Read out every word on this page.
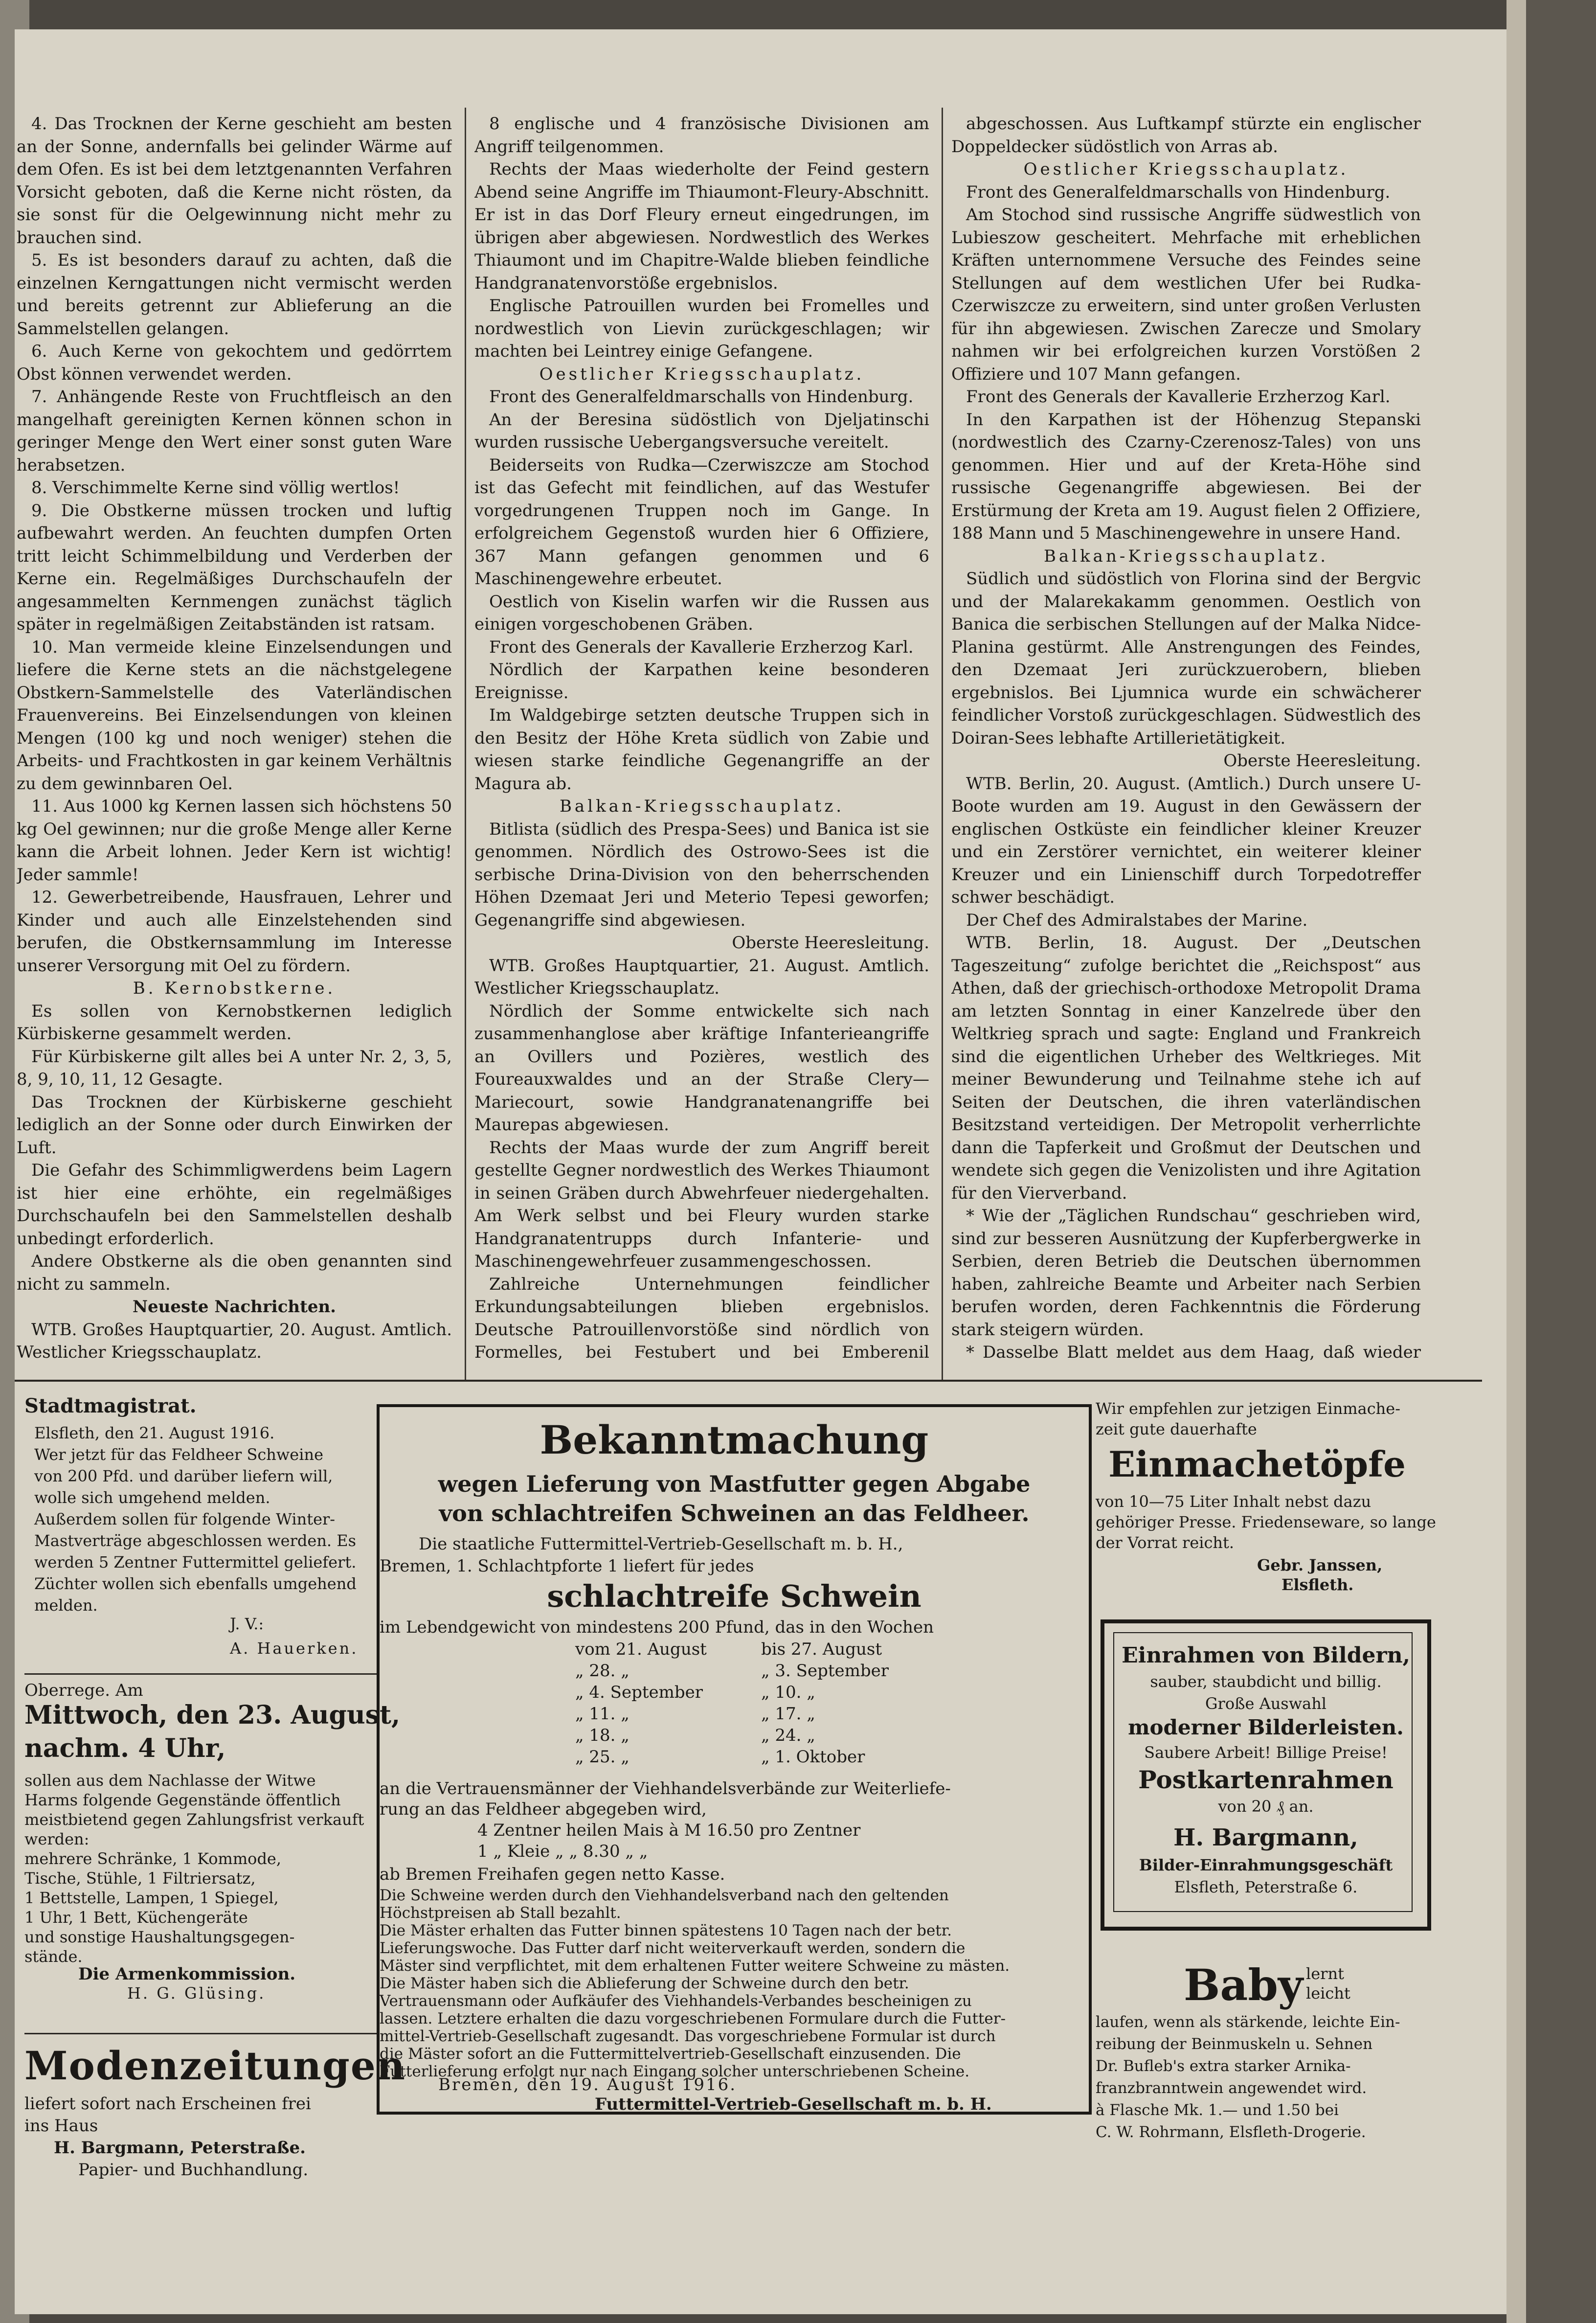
4. Das Trocknen der Kerne geschieht am besten an der Sonne, andernfalls bei gelinder Wärme auf dem Ofen. Es ist bei dem letztgenannten Verfahren Vorsicht geboten, daß die Kerne nicht rösten, da sie sonst für die Oelgewinnung nicht mehr zu brauchen sind.

5. Es ist besonders darauf zu achten, daß die einzelnen Kerngattungen nicht vermischt werden und bereits getrennt zur Ablieferung an die Sammelstellen gelangen.

6. Auch Kerne von gekochtem und gedörrtem Obst können verwendet werden.

7. Anhängende Reste von Fruchtfleisch an den mangelhaft gereinigten Kernen können schon in geringer Menge den Wert einer sonst guten Ware herabsetzen.

8. Verschimmelte Kerne sind völlig wertlos!

9. Die Obstkerne müssen trocken und luftig aufbewahrt werden. An feuchten dumpfen Orten tritt leicht Schimmelbildung und Verderben der Kerne ein. Regelmäßiges Durchschaufeln der angesammelten Kernmengen zunächst täglich später in regelmäßigen Zeitabständen ist ratsam.

10. Man vermeide kleine Einzelsendungen und liefere die Kerne stets an die nächstgelegene Obstkern-Sammelstelle des Vaterländischen Frauenvereins. Bei Einzelsendungen von kleinen Mengen (100 kg und noch weniger) stehen die Arbeits- und Frachtkosten in gar keinem Verhältnis zu dem gewinnbaren Oel.

11. Aus 1000 kg Kernen lassen sich höchstens 50 kg Oel gewinnen; nur die große Menge aller Kerne kann die Arbeit lohnen. Jeder Kern ist wichtig! Jeder sammle!

12. Gewerbetreibende, Hausfrauen, Lehrer und Kinder und auch alle Einzelstehenden sind berufen, die Obstkernsammlung im Interesse unserer Versorgung mit Oel zu fördern.

B. Kernobstkerne.

Es sollen von Kernobstkernen lediglich Kürbiskerne gesammelt werden.

Für Kürbiskerne gilt alles bei A unter Nr. 2, 3, 5, 8, 9, 10, 11, 12 Gesagte.

Das Trocknen der Kürbiskerne geschieht lediglich an der Sonne oder durch Einwirken der Luft.

Die Gefahr des Schimmligwerdens beim Lagern ist hier eine erhöhte, ein regelmäßiges Durchschaufeln bei den Sammelstellen deshalb unbedingt erforderlich.

Andere Obstkerne als die oben genannten sind nicht zu sammeln.

Neueste Nachrichten.

WTB. Großes Hauptquartier, 20. August. Amtlich. Westlicher Kriegsschauplatz.

8 englische und 4 französische Divisionen am Angriff teilgenommen.

Rechts der Maas wiederholte der Feind gestern Abend seine Angriffe im Thiaumont-Fleury-Abschnitt. Er ist in das Dorf Fleury erneut eingedrungen, im übrigen aber abgewiesen. Nordwestlich des Werkes Thiaumont und im Chapitre-Walde blieben feindliche Handgranatenvorstöße ergebnislos.

Englische Patrouillen wurden bei Fromelles und nordwestlich von Lievin zurückgeschlagen; wir machten bei Leintrey einige Gefangene.

Oestlicher Kriegsschauplatz.

Front des Generalfeldmarschalls von Hindenburg.

An der Beresina südöstlich von Djeljatinschi wurden russische Uebergangsversuche vereitelt.

Beiderseits von Rudka—Czerwiszcze am Stochod ist das Gefecht mit feindlichen, auf das Westufer vorgedrungenen Truppen noch im Gange. In erfolgreichem Gegenstoß wurden hier 6 Offiziere, 367 Mann gefangen genommen und 6 Maschinengewehre erbeutet.

Oestlich von Kiselin warfen wir die Russen aus einigen vorgeschobenen Gräben.

Front des Generals der Kavallerie Erzherzog Karl.

Nördlich der Karpathen keine besonderen Ereignisse.

Im Waldgebirge setzten deutsche Truppen sich in den Besitz der Höhe Kreta südlich von Zabie und wiesen starke feindliche Gegenangriffe an der Magura ab.

Balkan-Kriegsschauplatz.

Bitlista (südlich des Prespa-Sees) und Banica ist sie genommen. Nördlich des Ostrowo-Sees ist die serbische Drina-Division von den beherrschenden Höhen Dzemaat Jeri und Meterio Tepesi geworfen; Gegenangriffe sind abgewiesen.

Oberste Heeresleitung.

WTB. Großes Hauptquartier, 21. August. Amtlich. Westlicher Kriegsschauplatz.

Nördlich der Somme entwickelte sich nach zusammenhanglose aber kräftige Infanterieangriffe an Ovillers und Pozières, westlich des Foureauxwaldes und an der Straße Clery—Mariecourt, sowie Handgranatenangriffe bei Maurepas abgewiesen.

Rechts der Maas wurde der zum Angriff bereit gestellte Gegner nordwestlich des Werkes Thiaumont in seinen Gräben durch Abwehrfeuer niedergehalten. Am Werk selbst und bei Fleury wurden starke Handgranatentrupps durch Infanterie- und Maschinengewehrfeuer zusammengeschossen.

Zahlreiche Unternehmungen feindlicher Erkundungsabteilungen blieben ergebnislos. Deutsche Patrouillenvorstöße sind nördlich von Formelles, bei Festubert und bei Emberenil

abgeschossen. Aus Luftkampf stürzte ein englischer Doppeldecker südöstlich von Arras ab.

Oestlicher Kriegsschauplatz.

Front des Generalfeldmarschalls von Hindenburg.

Am Stochod sind russische Angriffe südwestlich von Lubieszow gescheitert. Mehrfache mit erheblichen Kräften unternommene Versuche des Feindes seine Stellungen auf dem westlichen Ufer bei Rudka-Czerwiszcze zu erweitern, sind unter großen Verlusten für ihn abgewiesen. Zwischen Zarecze und Smolary nahmen wir bei erfolgreichen kurzen Vorstößen 2 Offiziere und 107 Mann gefangen.

Front des Generals der Kavallerie Erzherzog Karl.

In den Karpathen ist der Höhenzug Stepanski (nordwestlich des Czarny-Czerenosz-Tales) von uns genommen. Hier und auf der Kreta-Höhe sind russische Gegenangriffe abgewiesen. Bei der Erstürmung der Kreta am 19. August fielen 2 Offiziere, 188 Mann und 5 Maschinengewehre in unsere Hand.

Balkan-Kriegsschauplatz.

Südlich und südöstlich von Florina sind der Bergvic und der Malarekakamm genommen. Oestlich von Banica die serbischen Stellungen auf der Malka Nidce-Planina gestürmt. Alle Anstrengungen des Feindes, den Dzemaat Jeri zurückzuerobern, blieben ergebnislos. Bei Ljumnica wurde ein schwächerer feindlicher Vorstoß zurückgeschlagen. Südwestlich des Doiran-Sees lebhafte Artillerietätigkeit.

Oberste Heeresleitung.

WTB. Berlin, 20. August. (Amtlich.) Durch unsere U-Boote wurden am 19. August in den Gewässern der englischen Ostküste ein feindlicher kleiner Kreuzer und ein Zerstörer vernichtet, ein weiterer kleiner Kreuzer und ein Linienschiff durch Torpedotreffer schwer beschädigt.

Der Chef des Admiralstabes der Marine.

WTB. Berlin, 18. August. Der „Deutschen Tageszeitung“ zufolge berichtet die „Reichspost“ aus Athen, daß der griechisch-orthodoxe Metropolit Drama am letzten Sonntag in einer Kanzelrede über den Weltkrieg sprach und sagte: England und Frankreich sind die eigentlichen Urheber des Weltkrieges. Mit meiner Bewunderung und Teilnahme stehe ich auf Seiten der Deutschen, die ihren vaterländischen Besitzstand verteidigen. Der Metropolit verherrlichte dann die Tapferkeit und Großmut der Deutschen und wendete sich gegen die Venizolisten und ihre Agitation für den Vierverband.

* Wie der „Täglichen Rundschau“ geschrieben wird, sind zur besseren Ausnützung der Kupferbergwerke in Serbien, deren Betrieb die Deutschen übernommen haben, zahlreiche Beamte und Arbeiter nach Serbien berufen worden, deren Fachkenntnis die Förderung stark steigern würden.

* Dasselbe Blatt meldet aus dem Haag, daß wieder

Stadtmagistrat.
Elsfleth, den 21. August 1916.
Wer jetzt für das Feldheer Schweine
von 200 Pfd. und darüber liefern will,
wolle sich umgehend melden.
Außerdem sollen für folgende Winter-
Mastverträge abgeschlossen werden. Es
werden 5 Zentner Futtermittel geliefert.
Züchter wollen sich ebenfalls umgehend
melden.
J. V.:
A. Hauerken.
Oberrege. Am
Mittwoch, den 23. August,
nachm. 4 Uhr,
sollen aus dem Nachlasse der Witwe
Harms folgende Gegenstände öffentlich
meistbietend gegen Zahlungsfrist verkauft
werden:
mehrere Schränke, 1 Kommode,
Tische, Stühle, 1 Filtriersatz,
1 Bettstelle, Lampen, 1 Spiegel,
1 Uhr, 1 Bett, Küchengeräte
und sonstige Haushaltungsgegen-
stände.
Die Armenkommission.
H. G. Glüsing.
Modenzeitungen
liefert sofort nach Erscheinen frei
ins Haus
H. Bargmann, Peterstraße.
Papier- und Buchhandlung.
Bekanntmachung
wegen Lieferung von Mastfutter gegen Abgabe
von schlachtreifen Schweinen an das Feldheer.
Die staatliche Futtermittel-Vertrieb-Gesellschaft m. b. H.,
Bremen, 1. Schlachtpforte 1 liefert für jedes
schlachtreife Schwein
im Lebendgewicht von mindestens 200 Pfund, das in den Wochen
vom 21. August	bis 27. August
„ 28. „	„ 3. September
„ 4. September	„ 10. „
„ 11. „	„ 17. „
„ 18. „	„ 24. „
„ 25. „	„ 1. Oktober
an die Vertrauensmänner der Viehhandelsverbände zur Weiterliefe-
rung an das Feldheer abgegeben wird,
4 Zentner heilen Mais à M 16.50 pro Zentner
1 „ Kleie „ „ 8.30 „ „
ab Bremen Freihafen gegen netto Kasse.
Die Schweine werden durch den Viehhandelsverband nach den geltenden
Höchstpreisen ab Stall bezahlt.
Die Mäster erhalten das Futter binnen spätestens 10 Tagen nach der betr.
Lieferungswoche. Das Futter darf nicht weiterverkauft werden, sondern die
Mäster sind verpflichtet, mit dem erhaltenen Futter weitere Schweine zu mästen.
Die Mäster haben sich die Ablieferung der Schweine durch den betr.
Vertrauensmann oder Aufkäufer des Viehhandels-Verbandes bescheinigen zu
lassen. Letztere erhalten die dazu vorgeschriebenen Formulare durch die Futter-
mittel-Vertrieb-Gesellschaft zugesandt. Das vorgeschriebene Formular ist durch
die Mäster sofort an die Futtermittelvertrieb-Gesellschaft einzusenden. Die
Futterlieferung erfolgt nur nach Eingang solcher unterschriebenen Scheine.
Bremen, den 19. August 1916.
Futtermittel-Vertrieb-Gesellschaft m. b. H.
Wir empfehlen zur jetzigen Einmache-
zeit gute dauerhafte
Einmachetöpfe
von 10—75 Liter Inhalt nebst dazu
gehöriger Presse. Friedenseware, so lange
der Vorrat reicht.
Gebr. Janssen,
Elsfleth.
Einrahmen von Bildern,
sauber, staubdicht und billig.
Große Auswahl
moderner Bilderleisten.
Saubere Arbeit! Billige Preise!
Postkartenrahmen
von 20 ₰ an.
H. Bargmann,
Bilder-Einrahmungsgeschäft
Elsfleth, Peterstraße 6.
Baby lernt
leicht
laufen, wenn als stärkende, leichte Ein-
reibung der Beinmuskeln u. Sehnen
Dr. Bufleb's extra starker Arnika-
franzbranntwein angewendet wird.
à Flasche Mk. 1.— und 1.50 bei
C. W. Rohrmann, Elsfleth-Drogerie.
